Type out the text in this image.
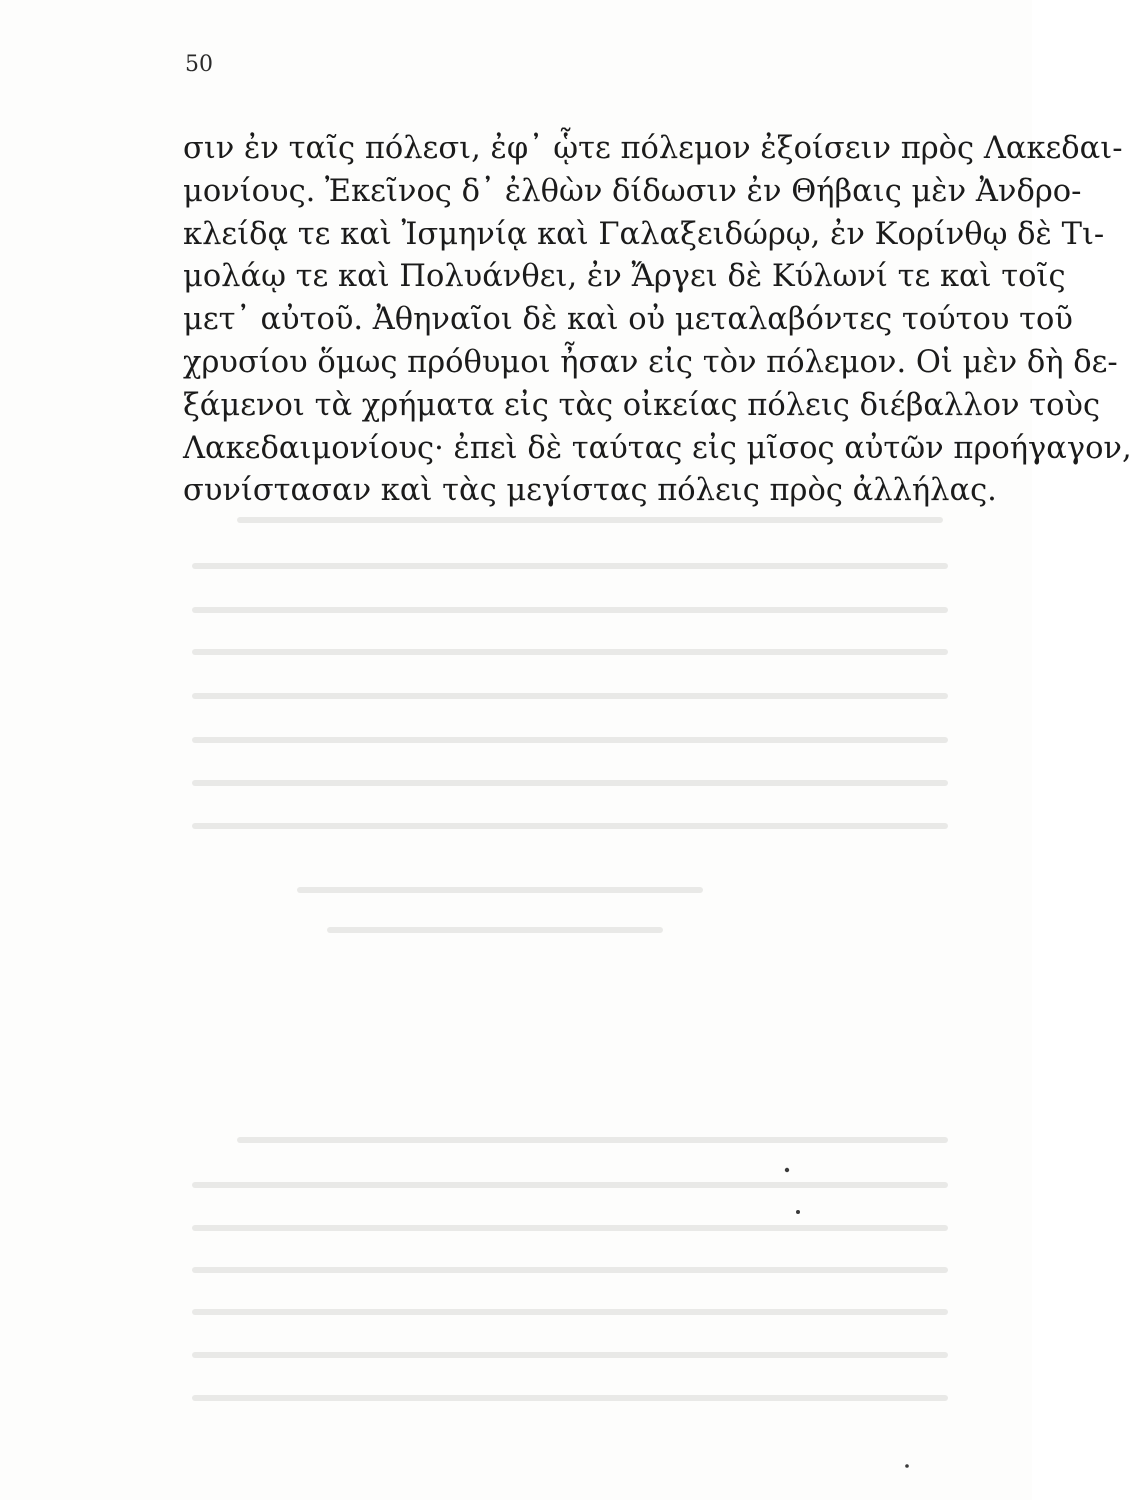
50
σιν ἐν ταῖς πόλεσι, ἐφ᾽ ᾧτε πόλεμον ἐξοίσειν πρὸς Λακεδαι-
μονίους. Ἐκεῖνος δ᾽ ἐλθὼν δίδωσιν ἐν Θήβαις μὲν Ἀνδρο-
κλείδᾳ τε καὶ Ἰσμηνίᾳ καὶ Γαλαξειδώρῳ, ἐν Κορίνθῳ δὲ Τι-
μολάῳ τε καὶ Πολυάνθει, ἐν Ἄργει δὲ Κύλωνί τε καὶ τοῖς
μετ᾽ αὐτοῦ. Ἀθηναῖοι δὲ καὶ οὐ μεταλαβόντες τούτου τοῦ
χρυσίου ὅμως πρόθυμοι ἦσαν εἰς τὸν πόλεμον. Οἱ μὲν δὴ δε-
ξάμενοι τὰ χρήματα εἰς τὰς οἰκείας πόλεις διέβαλλον τοὺς
Λακεδαιμονίους· ἐπεὶ δὲ ταύτας εἰς μῖσος αὐτῶν προήγαγον,
συνίστασαν καὶ τὰς μεγίστας πόλεις πρὸς ἀλλήλας.
